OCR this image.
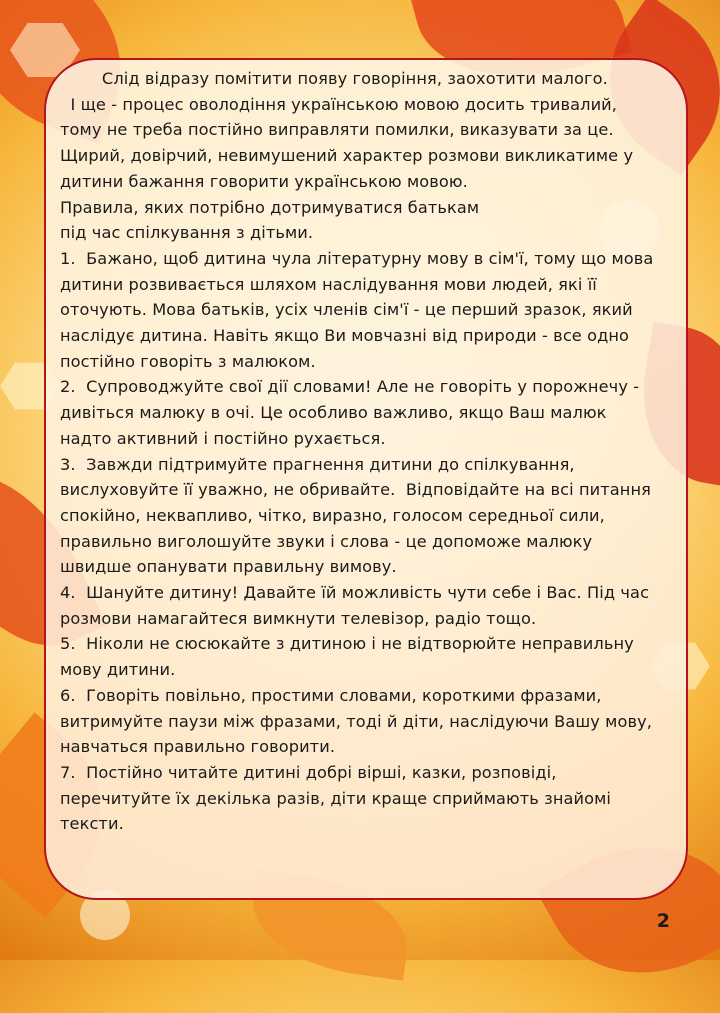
Слід відразу помітити появу говоріння, заохотити малого.
І ще - процес оволодіння українською мовою досить тривалий,
тому не треба постійно виправляти помилки, виказувати за це.
Щирий, довірчий, невимушений характер розмови викликатиме у
дитини бажання говорити українською мовою.
Правила, яких потрібно дотримуватися батькам
під час спілкування з дітьми.
1.  Бажано, щоб дитина чула літературну мову в сім'ї, тому що мова
дитини розвивається шляхом наслідування мови людей, які її
оточують. Мова батьків, усіх членів сім'ї - це перший зразок, який
наслідує дитина. Навіть якщо Ви мовчазні від природи - все одно
постійно говоріть з малюком.
2.  Супроводжуйте свої дії словами! Але не говоріть у порожнечу -
дивіться малюку в очі. Це особливо важливо, якщо Ваш малюк
надто активний і постійно рухається.
3.  Завжди підтримуйте прагнення дитини до спілкування,
вислуховуйте її уважно, не обривайте.  Відповідайте на всі питання
спокійно, неквапливо, чітко, виразно, голосом середньої сили,
правильно виголошуйте звуки і слова - це допоможе малюку
швидше опанувати правильну вимову.
4.  Шануйте дитину! Давайте їй можливість чути себе і Вас. Під час
розмови намагайтеся вимкнути телевізор, радіо тощо.
5.  Ніколи не сюсюкайте з дитиною і не відтворюйте неправильну
мову дитини.
6.  Говоріть повільно, простими словами, короткими фразами,
витримуйте паузи між фразами, тоді й діти, наслідуючи Вашу мову,
навчаться правильно говорити.
7.  Постійно читайте дитині добрі вірші, казки, розповіді,
перечитуйте їх декілька разів, діти краще сприймають знайомі
тексти.
2
